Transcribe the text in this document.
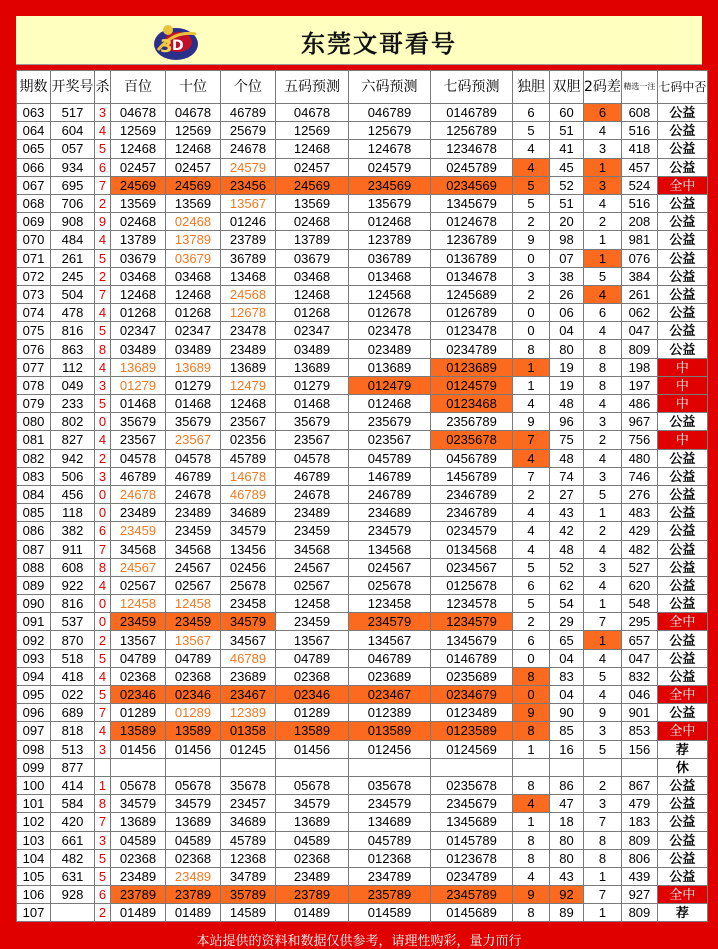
3 D	东莞文哥看号
期数	开奖号	杀	百位	十位	个位	五码预测	六码预测	七码预测	独胆	双胆	2码差	精选一注	七码中否
063	517	3	04678	04678	46789	04678	046789	0146789	6	60	6	608	公益
064	604	4	12569	12569	25679	12569	125679	1256789	5	51	4	516	公益
065	057	5	12468	12468	24678	12468	124678	1234678	4	41	3	418	公益
066	934	6	02457	02457	24579	02457	024579	0245789	4	45	1	457	公益
067	695	7	24569	24569	23456	24569	234569	0234569	5	52	3	524	全中
068	706	2	13569	13569	13567	13569	135679	1345679	5	51	4	516	公益
069	908	9	02468	02468	01246	02468	012468	0124678	2	20	2	208	公益
070	484	4	13789	13789	23789	13789	123789	1236789	9	98	1	981	公益
071	261	5	03679	03679	36789	03679	036789	0136789	0	07	1	076	公益
072	245	2	03468	03468	13468	03468	013468	0134678	3	38	5	384	公益
073	504	7	12468	12468	24568	12468	124568	1245689	2	26	4	261	公益
074	478	4	01268	01268	12678	01268	012678	0126789	0	06	6	062	公益
075	816	5	02347	02347	23478	02347	023478	0123478	0	04	4	047	公益
076	863	8	03489	03489	23489	03489	023489	0234789	8	80	8	809	公益
077	112	4	13689	13689	13689	13689	013689	0123689	1	19	8	198	中
078	049	3	01279	01279	12479	01279	012479	0124579	1	19	8	197	中
079	233	5	01468	01468	12468	01468	012468	0123468	4	48	4	486	中
080	802	0	35679	35679	23567	35679	235679	2356789	9	96	3	967	公益
081	827	4	23567	23567	02356	23567	023567	0235678	7	75	2	756	中
082	942	2	04578	04578	45789	04578	045789	0456789	4	48	4	480	公益
083	506	3	46789	46789	14678	46789	146789	1456789	7	74	3	746	公益
084	456	0	24678	24678	46789	24678	246789	2346789	2	27	5	276	公益
085	118	0	23489	23489	34689	23489	234689	2346789	4	43	1	483	公益
086	382	6	23459	23459	34579	23459	234579	0234579	4	42	2	429	公益
087	911	7	34568	34568	13456	34568	134568	0134568	4	48	4	482	公益
088	608	8	24567	24567	02456	24567	024567	0234567	5	52	3	527	公益
089	922	4	02567	02567	25678	02567	025678	0125678	6	62	4	620	公益
090	816	0	12458	12458	23458	12458	123458	1234578	5	54	1	548	公益
091	537	0	23459	23459	34579	23459	234579	1234579	2	29	7	295	全中
092	870	2	13567	13567	34567	13567	134567	1345679	6	65	1	657	公益
093	518	5	04789	04789	46789	04789	046789	0146789	0	04	4	047	公益
094	418	4	02368	02368	23689	02368	023689	0235689	8	83	5	832	公益
095	022	5	02346	02346	23467	02346	023467	0234679	0	04	4	046	全中
096	689	7	01289	01289	12389	01289	012389	0123489	9	90	9	901	公益
097	818	4	13589	13589	01358	13589	013589	0123589	8	85	3	853	全中
098	513	3	01456	01456	01245	01456	012456	0124569	1	16	5	156	荐
099	877												休
100	414	1	05678	05678	35678	05678	035678	0235678	8	86	2	867	公益
101	584	8	34579	34579	23457	34579	234579	2345679	4	47	3	479	公益
102	420	7	13689	13689	34689	13689	134689	1345689	1	18	7	183	公益
103	661	3	04589	04589	45789	04589	045789	0145789	8	80	8	809	公益
104	482	5	02368	02368	12368	02368	012368	0123678	8	80	8	806	公益
105	631	5	23489	23489	34789	23489	234789	0234789	4	43	1	439	公益
106	928	6	23789	23789	35789	23789	235789	2345789	9	92	7	927	全中
107		2	01489	01489	14589	01489	014589	0145689	8	89	1	809	荐
本站提供的资料和数据仅供参考，请理性购彩，量力而行
